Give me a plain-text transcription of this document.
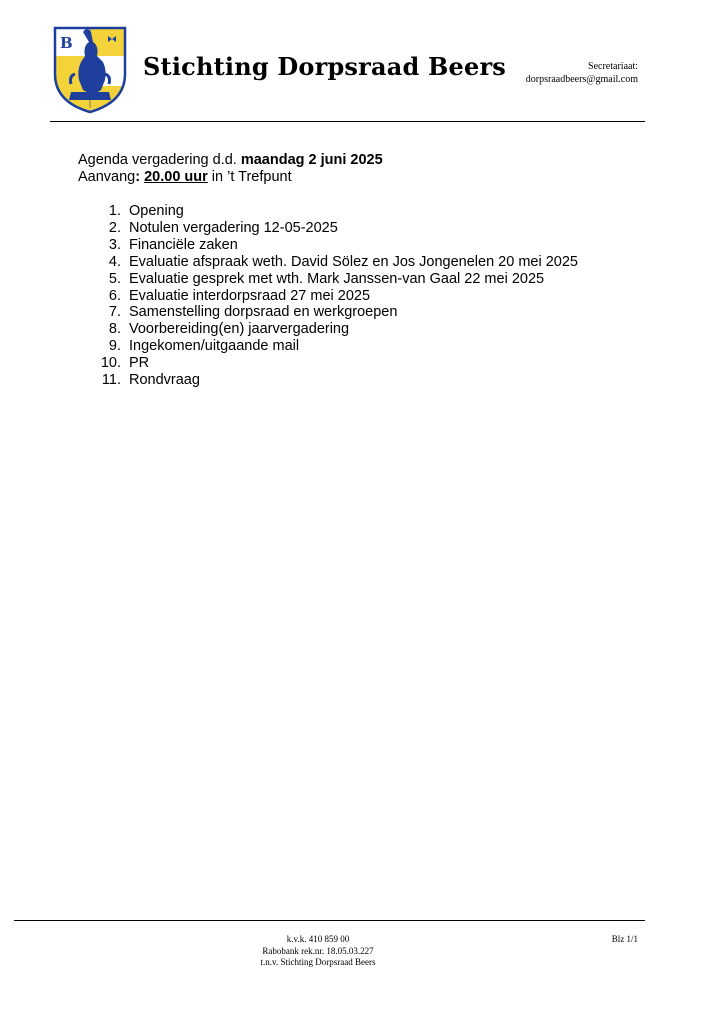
B
Stichting Dorpsraad Beers	Secretariaat:
dorpsraadbeers@gmail.com
Agenda vergadering d.d. maandag 2 juni 2025
Aanvang: 20.00 uur in ’t Trefpunt
1. Opening
2. Notulen vergadering 12-05-2025
3. Financiële zaken
4. Evaluatie afspraak weth. David Sölez en Jos Jongenelen 20 mei 2025
5. Evaluatie gesprek met wth. Mark Janssen-van Gaal 22 mei 2025
6. Evaluatie interdorpsraad 27 mei 2025
7. Samenstelling dorpsraad en werkgroepen
8. Voorbereiding(en) jaarvergadering
9. Ingekomen/uitgaande mail
10. PR
11. Rondvraag
k.v.k. 410 859 00
Rabobank rek.nr. 18.05.03.227
t.n.v. Stichting Dorpsraad Beers
Blz 1/1
